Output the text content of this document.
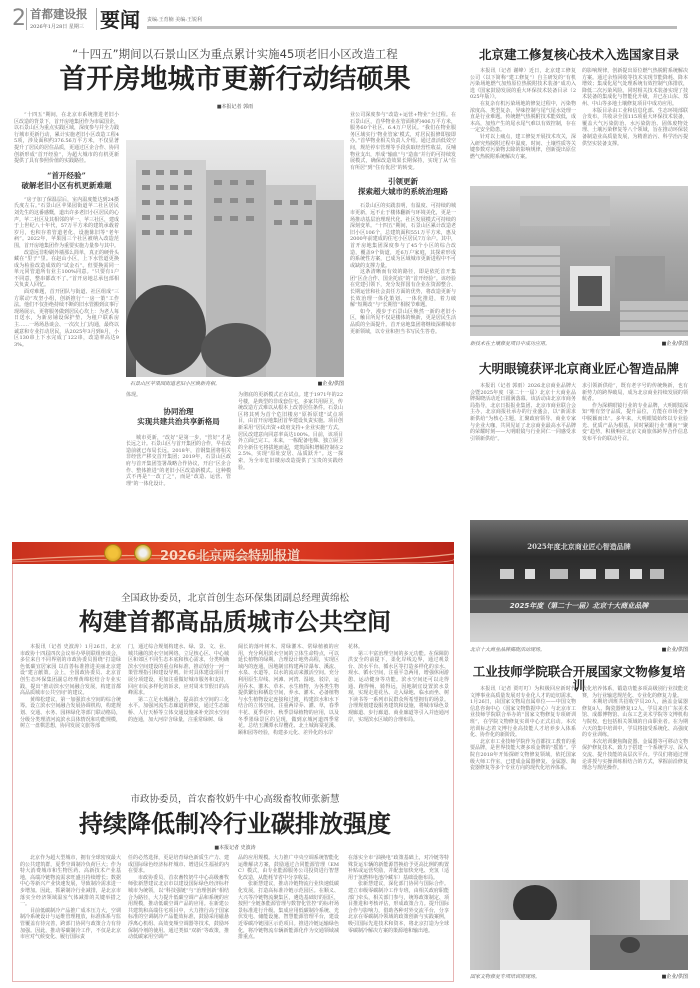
2 首都建设报
2026年1月28日 星期三 要闻	责编:王育楠 美编:王锐利
“十四五”期间以石景山区为重点累计实施45项老旧小区改造工程
首开房地城市更新行动结硕果
■本报记者 郭雨

“十四五”期间，在北京市系统推进老旧小区改造的背景下，首开房地集团作为市属国企，以石景山区为重点实践区域，深度参与并全力践行城市更新行动，累计实施老旧小区改造工程45项，涉及面积约376.56万平方米，不仅显著提升了居民的居住品质，更通过区企合作、协同创新形成“首开经验”，为超大城市的有机更新提供了具有参照价值的实践路径。

“首开经验”
破解老旧小区有机更新难题

“房子加了保温层后，室内温度能达到24摄氏度左右。”石景山区苹果园街道苹二社区居民刘先生的这番感慨，道出许多老旧小区居民的心声。苹二社区及其相邻的苹一、苹三社区，建成于上世纪八十年代，57万平方米的建筑承载着岁月，也积存着管道老化、设施陈旧等“老年病”。2022年，苹果园三个社区被纳入改造范围，首开房地集团作为重要实施力量参与其中。

改造远非粉刷外墙那么简单，真正的硬骨头藏在“里子”里。在赵山小区，上下水管道更换成为检验改造成效的“试金石”。但要换需同一单元同管道所有业主100%同意。“只要有1户不同意，整串都改不了。”首开房地总承包部相关负责人回忆。

面对难题，首开团队与街道、社区组成“三方联动”攻坚小组，创新推行“一房一策”工作法。他们不仅拒绝持续不断的旧水管搬到议事厅现场展示，更将服务做到居民心坎上：为老人每日送水，为新房铺设保护垫，为租户联系房主……一场场恳谈会、一次次上门沟通，最终以诚意和专业打动居民。从2025年3月到8月，小区130串上下水完成了122串，改造率高达93%。

石景山区苹果园街道老旧小区焕新亮相。	■企业/供图
体现。
协同治理
实现共建共治共享新格局

城市更新，“改好”是第一步，“管好”才是长远之计。石景山区与首开集团的合作，早在改造前就已布局长远。2018年，首钢集团将相关非经营产移交首开集团；2019年，石景山区政府与首开集团签署战略合作协议，开启“区企合作、整体推进”的老旧小区改造新模式。这种模式不再是“一改了之”，而是“改造、运营、管理”的一体化设计。

为彻底的更新模式正在试点。建于1971年的22号楼，是典型的非成套住宅，多家共用厨卫，传统改造方式难以从根本上改善居住条件。石景山区将其列为首个危旧楼房“原拆原建”试点项目，由首开房地集团首华建设负责实施。项目创新采用“居民出资+政府支持+企业实施”方式，居民改建意向同意率高达100%。目前，该项目外立面已完工。未来，一栋配备电梯、独立厨卫的全新住宅将拔地而起，建筑面积增幅控制在22.5%，实现“原址安居、品质跃升”。这一探索，为全市危旧楼房改造提供了宝贵的实践经验。
业公司深度参与“改造+运营+物业”全过程。在石景山区，首华物业在管面积约406万平方米，服务60个社区、6.4万户居民。“我们在物业服务区域实行‘物业管家’模式，对居民报修即接即办。”首华物业相关负责人介绍。通过盘活低效空间，规范停车管理等手段获取经营性收益，反哺物业支出，形成“输血”与“造血”并行的可持续发展模式，确保改造效果长期保持，实现了从“住有所居”到“住有优居”的转变。
引领更新
探索超大城市的系统治理路

石景山区的实践表明，有温度、可持续的城市更新，远不止于楼体翻新与环境美化，更是一场推动基层治理现代化、社区发展模式可持续的深刻变革。“十四五”期间，石景山区累计改造老旧小区106个，总建筑面积551万平方米，惠及2000年前建成的住宅小区居民7万余户。其中，首开房地集团深度参与了45个小区的综合改造，覆盖9个街道，近6万户家庭，其探索形成的系统性方案，已成为区域城市更新进程中不可或缺的支撑力量。

这条清晰而有效的路径，即是依托首开集团“区企合作、国企托底”的“首开经验”。该经验在党建引领下，充分发挥国有企业在资源整合、长期运营和社会责任方面的优势，将改造更新与长效治理一体化策划、一体化推进，着力破解“短期改”与“长期管”相脱节难题。

如今，漫步于石景山区焕然一新的老旧小区，触目所见不仅是楼体的焕新，更是居民生活品质的全面提升。首开房地集团将继续深耕城市更新领域，以专业和担当书写民生答卷。

北京建工修复核心技术入选国家目录

本报讯（记者 谢峰）近日，北京建工修复公司（以下简称“建工修复”）自主研发的“有机污染场地燃气加热原位热脱附技术装备”成功入选《国家鼓励发展的重大环保技术装备目录（2025年版）》。

在复杂有机污染场地的修复过程中，污染物浓度高、类型复杂，异味控制与尾气尾水处理一直是行业难题。传统燃气热脱附技术能效低，成本高，加热产生的尾水尾气难以有效控制，存在一定安全隐患。

针对以上痛点，建工修复开展技术攻关，深入研究热脱附过程中温度、时间、土壤性质等关键参数对污染物去除的影响规律，创新提出原位燃气热脱附系统解决方案。

的影响规律，创新提出原位燃气热脱附系统解决方案。通过余热回收等技术实现节能降耗、降本增效；集成化尾气处理系统有效控制气体排放，降低二次污染风险。同时相关技术装备实现了技术装备的集成化与智能化升级，并已在山东、郑州、中山等多地土壤修复项目中成功应用。

本版目录由工业和信息化部、生态环境部联合发布，共收录全国115项重大环保技术装备，覆盖大气污染防治、水污染防治、固体废物处理、土壤污染修复等八个领域，旨在推动环保装备制造业高质量发展，为精准治污、科学治污提供坚实装备支撑。

新技术在土壤修复项目中成功应用。	■企业/供图
大明眼镜获评北京商业匠心智造品牌

本报讯（记者 郭雨）2026北京商业品牌大会暨2025年度（第二十一届）北京十大商业品牌揭晓活动近日圆满落幕。该活动由北京市商务局指导，北京日报报业集团、北京市商业联合会主办，北京商报社承办的行业盛会，以“新需求 新供给”为核心主题，汇聚政府领导、商业专家与企业大咖，共同见证了北京商业最高水平品牌的荣耀时刻——大明眼镜与行业同仁一同感受求引领新供给”。

求引领新供给”，既有老字号的传统焕新，也有新势力的跨界破局，成为北京商业持续发展的领航者。

作为深耕眼镜行业的专业品牌，大明眼镜深知“唯有坚守品质，提升品位，方能在市场竞争中脱颖而出”。多年来，大明眼镜始终以专业验光、优质产品为根基，同时紧跟行业“潮向”“聚变”趋势，积极响应北京文商旅体跨界合作信息发布平台的联动号召。

2025年度北京商业匠心智造品牌
2025年度（第二十一届）北京十大商业品牌
北京十大商业品牌揭晓活动现场。	■企业/供图
工业技师学院联合开展国家文物修复培训

本报讯（记者 贾叮叮）为积极回应新时代文博事业高质量发展对专业化人才的迫切需求，1月26日，由国家文物局直属单位——中国文物信息咨询中心（国家文物数据中心）与北京市工业技师学院联合举办的“国家文物修复专项研训班”，在学院文物修复实训中心正式启动。本次培训标志着文博行业高技能人才培养步入体系化、协作化的新阶段。

北京市工业技师学院作为首都技工教育的重要品牌，是世界技能大赛多项金牌的“摇篮”。学院自2018年开始探研文物修复领域，依托国家级大师工作室，已建成金属器修复、金属器、陶瓷器修复等多个专业方向的现代化培养体系。

代化培养体系，锻造功能多项高级别行业技能竞赛，为行业输送规范化、专业化的修复力量。

本期培训班共招收学员20人，涵盖金属器修复8人、陶瓷器修复12人。学员来自广东美术馆、成都博物馆、山东工艺美术学院等文博机构与院校，也包括相关领域的自由职业者。在为期六天的集中培训中，学员将接受系统化、高强度的专业训练。

本次培训聚焦陶瓷器、金属器等可移动文物保护修复技术，致力于搭建一个系统学习、深入交流、提升技能的高层次平台。学员们将通过理论讲授与实操训练相结合的方式，掌握前沿修复理念与规范操作。

国家文物修复专项培训班现场。	■企业/供图
2026北京两会特别报道
全国政协委员，北京首创生态环保集团副总经理黄绵松
构建首都高品质城市公共空间

本报讯（记者 史波涛）1月26日，北京市政协十四届四次会议举办界别联组座谈会，多位来自不同界别的市政协委员围绕“打造绿色低碳宜居家园 以首善标准推进美丽北京建设”建言献策。会上，全国政协委员、北京首创生态环保集团副总经理黄绵松结合专业实践，提出“推动滨水空间融合发展，构建首都高品质城市公共空间”的建议。

黄绵松建议，第一加强滨水空间的综合统筹。设立滨水空间融合发展协调机构，构建规划、交通、水务、园林绿化等部门联动格局，分级分类理清河流滨水具体情况和功能规模，树立一盘棋思想，协同发展文旅等部

门，通过综合规划构建水、绿、景、文、业、城共融的滨水空间网络。立足核心区、中心城区和郊区不同生态本底和核心需求，分类明确滨水空间建设的重点和标准，推动划分一河一策管理指引和建设导则。针对具体建设项目开展分项建设，更加注重做好城市服务和支持，回应市民多样化的诉求，应对周末节假日的高峰需求。

第二立足水城融合，提高滨水空间的三化水平。加强河流生态廊道的修复，通过生态廊桥、人行天桥等立体交通设施来补充滨水空间的连通，加大河岸含绿量，注重常绿树、绿

阔长的落叶树木、常绿灌木、常绿植被的应用，充分利用滨水空间的立体生命特点，可以延长植物的绿期。合理设计地势高程，实现区域内的连通，因地制宜构建两岸瀑布、溪流、水泉、水道等，以水的流动来激活空间。充分利用原生岸线、河滩、河湾、湿地、驳岸，运用乔木、灌木、草本、水生植物，为各类生物提供繁衍和栖息空间，养水、灌木、必备植物与水生植物设定连接和过渡，构建滨水和水下结合的立体空间。注重两岸乔、灌、草，春季丰花、夏季花叶、秋季景绿植物的应用，以及冬季墨绿景区的呈现，做到京城河道四季常花。总结玉渊潭水岸樱花、北土城海棠花溪、颐和园等经验，构建多元化、差异化的水岸
花林。

第三丰富治理空间的多元功能。在保障防洪安全的前提下，柔化岸线边界，通过观景台、滨水平台、循水区等打造多样化的亲水、观水、循水空间，注重平急两用，增强休闲游憩、运动健身等功能。滨水空间还可以走得通、跑得畅、骑得远，因地制宜设置滨水景观，实现走进花丛、走入绿地、临水而坐、树下读书等一系列市民群众所希望拥有的场景。合理规划建设服务建筑和设施，将城市绿色景观廊道、步行廊道、商业廊道等引入并连通河岸，实现滨水区域的合理布局。

市政协委员，首农畜牧奶牛中心高级畜牧师张新慧
持续降低制冷行业碳排放强度
■本报记者 史波涛

北京作为超大型城市，拥有全球密度最大的公共建筑群，夏季空调制冷负荷巨大；作为特大消费城市和生物医药、高新技术产业基地，高端冷链物流需求旺盛且持续增长；数据中心等新兴产业快速发展，导致制冷需求进一步增加。因此，抓紧制冷行业减排，是北京市落实全经济领域温室气体减排的关键举措之一。

目前低碳制冷产品推广成本压力大，空调制冷系统设计与运维管理粗放，标准体系与监管覆盖有待完善，跨部门协同与政策合力有待加强。因此，推动零碳制冷工作，不仅是北京市应对气候变化、履行国际责

任的必然选择，更是培育绿色新质生产力、建成国际绿色经济标杆城市、增进民生福祉的内在要求。

市政协委员，首农畜牧奶牛中心高级畜牧师张新慧建议北京市以建设国际绿色经济标杆城市为统领，以“科技强链”与“治理创新”相结合为路径，大力提升低碳空调产品和系统的应用规模，推动低碳空调产品的应用。在新建公共建筑和高端住宅项目中，大力推行高于国家标准的空调制冷产品能效标准，鼓励采用磁悬浮离心机组、高效变频空调器等技术，鼓励环保制冷剂的使用。通过类似“双新”等政策，推动低碳家用空调产

品的应用规模。大力推广中央空调系统智能化运维解决方案，鼓励通过合同能源管理（EMC）模式，由专业能源服务公司投资进行智慧化改造，从能耗节省中分享收益。

张新慧建议，推动冷链物流行业快速低碳化发展，打造高标准冷链示范园区。在顺义、大兴等冷链物流聚集区，遴选基础好的园区，按照“全链条能源管理与数智化管控”的标杆场景标准进行升级。集成应用低碳制冷系统、光伏发电、储能设施、智慧能源管理平台，建设近零碳冷链园区示范项目。推进冷链运输绿色化，将冷链物流车辆新能源化作为交通领域减排重点。

在落实全市“油换电”政策基础上，对冷链等特殊货运车辆的新能源替换给予更高比例的购置补贴或运营奖励，并配套加快充电、充氢（适用于氢燃料电池冷藏车）基础设施布局。

张新慧建议，深化部门协同与国际合作。建立市级零碳制冷工作专班，由相关政府职能部门牵头，相关部门参与，统筹政策制定、项目推进和考核评估，形成政策合力。提升国际合作与影响力，借助各种对外交流平台，分享北京在零碳制冷领域的政策创新与实践案例，吸引国际先进技术和资本，将北京打造为全球零碳制冷解决方案的策源地和输出地。
